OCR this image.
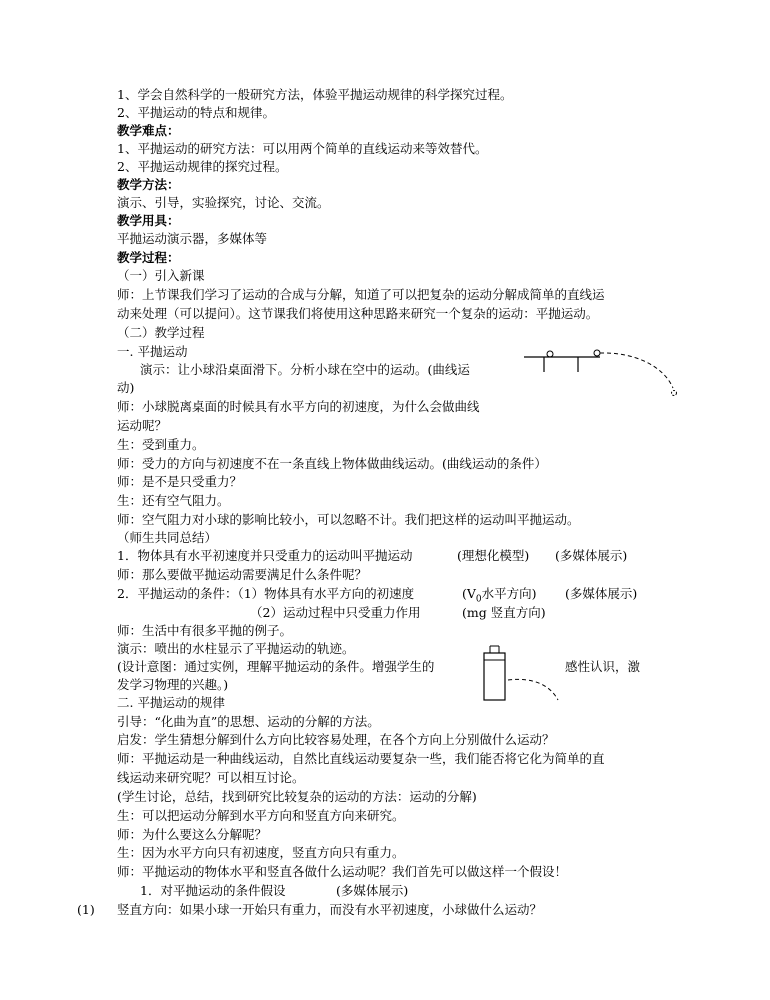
1、学会自然科学的一般研究方法，体验平抛运动规律的科学探究过程。
2、平抛运动的特点和规律。
教学难点：
1、平抛运动的研究方法：可以用两个简单的直线运动来等效替代。
2、平抛运动规律的探究过程。
教学方法：
演示、引导，实验探究，讨论、交流。
教学用具：
平抛运动演示器，多媒体等
教学过程：
（一）引入新课
师：上节课我们学习了运动的合成与分解，知道了可以把复杂的运动分解成简单的直线运
动来处理（可以提问）。这节课我们将使用这种思路来研究一个复杂的运动：平抛运动。
（二）教学过程
一. 平抛运动
演示：让小球沿桌面滑下。分析小球在空中的运动。(曲线运
动)
师：小球脱离桌面的时候具有水平方向的初速度，为什么会做曲线
运动呢？
生：受到重力。
师：受力的方向与初速度不在一条直线上物体做曲线运动。(曲线运动的条件）
师：是不是只受重力？
生：还有空气阻力。
师：空气阻力对小球的影响比较小，可以忽略不计。我们把这样的运动叫平抛运动。
（师生共同总结）
1．物体具有水平初速度并只受重力的运动叫平抛运动	(理想化模型) (多媒体展示)
师：那么要做平抛运动需要满足什么条件呢？
2．平抛运动的条件：（1）物体具有水平方向的初速度	($V_0$水平方向) (多媒体展示)
（2）运动过程中只受重力作用	(mg 竖直方向)
师：生活中有很多平抛的例子。
演示：喷出的水柱显示了平抛运动的轨迹。
(设计意图：通过实例，理解平抛运动的条件。增强学生的	感性认识，激
发学习物理的兴趣。)
二. 平抛运动的规律
引导：“化曲为直”的思想、运动的分解的方法。
启发：学生猜想分解到什么方向比较容易处理，在各个方向上分别做什么运动？
师：平抛运动是一种曲线运动，自然比直线运动要复杂一些，我们能否将它化为简单的直
线运动来研究呢？可以相互讨论。
(学生讨论，总结，找到研究比较复杂的运动的方法：运动的分解)
生：可以把运动分解到水平方向和竖直方向来研究。
师：为什么要这么分解呢？
生：因为水平方向只有初速度，竖直方向只有重力。
师：平抛运动的物体水平和竖直各做什么运动呢？我们首先可以做这样一个假设！
1．对平抛运动的条件假设	(多媒体展示)
(1) 竖直方向：如果小球一开始只有重力，而没有水平初速度，小球做什么运动？
